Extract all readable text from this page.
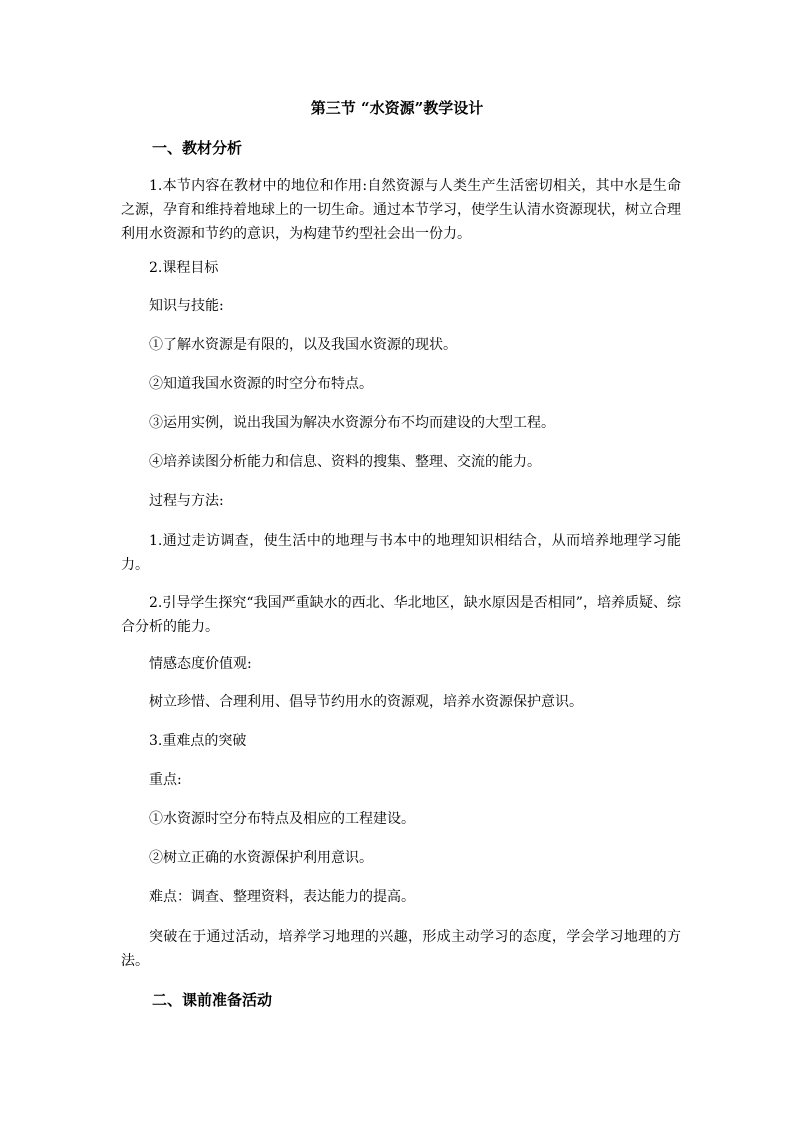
第三节 “水资源”教学设计
一、教材分析
1.本节内容在教材中的地位和作用:自然资源与人类生产生活密切相关，其中水是生命之源，孕育和维持着地球上的一切生命。通过本节学习，使学生认清水资源现状，树立合理利用水资源和节约的意识，为构建节约型社会出一份力。
2.课程目标
知识与技能:
①了解水资源是有限的，以及我国水资源的现状。
②知道我国水资源的时空分布特点。
③运用实例，说出我国为解决水资源分布不均而建设的大型工程。
④培养读图分析能力和信息、资料的搜集、整理、交流的能力。
过程与方法:
1.通过走访调查，使生活中的地理与书本中的地理知识相结合，从而培养地理学习能力。
2.引导学生探究“我国严重缺水的西北、华北地区，缺水原因是否相同”，培养质疑、综合分析的能力。
情感态度价值观:
树立珍惜、合理利用、倡导节约用水的资源观，培养水资源保护意识。
3.重难点的突破
重点:
①水资源时空分布特点及相应的工程建设。
②树立正确的水资源保护利用意识。
难点：调查、整理资料，表达能力的提高。
突破在于通过活动，培养学习地理的兴趣，形成主动学习的态度，学会学习地理的方法。
二、课前准备活动
